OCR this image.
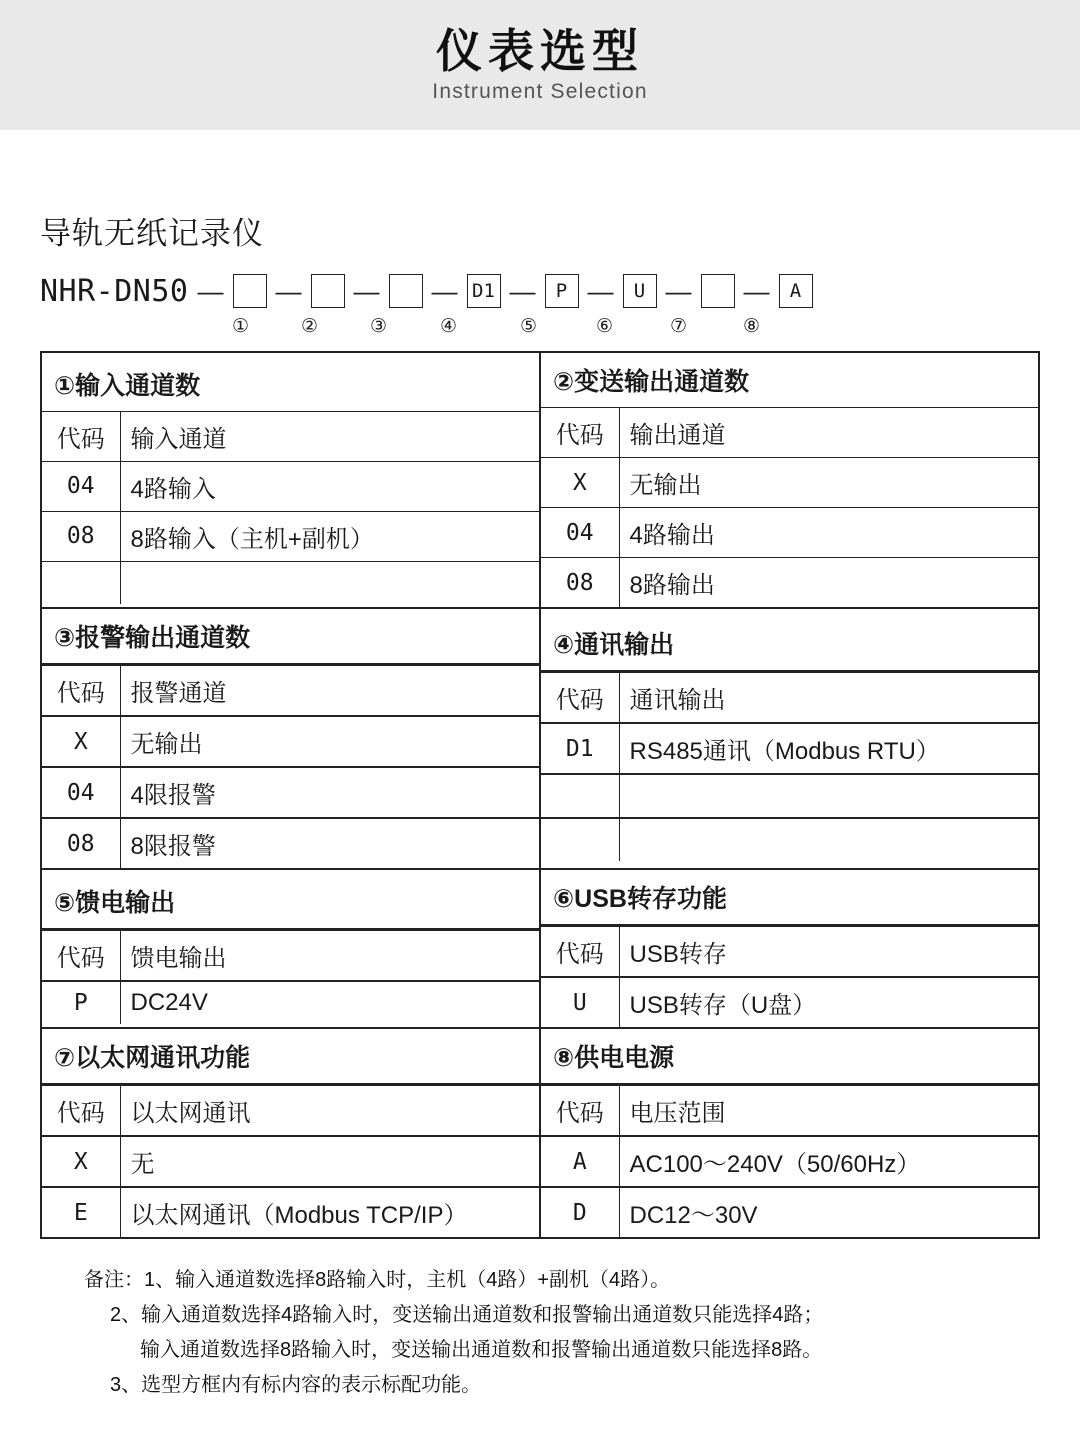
仪表选型
Instrument Selection
导轨无纸记录仪
NHR-DN50 —	—	—	— D1 —	P —	U —	—	A
①	②	③	④	⑤	⑥	⑦	⑧
①输入通道数
代码	输入通道
04	4路输入
08	8路输入（主机+副机）

②变送输出通道数
代码	输出通道
X	无输出
04	4路输出
08	8路输出

③报警输出通道数
代码	报警通道
X	无输出
04	4限报警
08	8限报警

④通讯输出
代码	通讯输出
D1	RS485通讯（Modbus RTU）

⑤馈电输出
代码	馈电输出
P	DC24V

⑥USB转存功能
代码	USB转存
U	USB转存（U盘）

⑦以太网通讯功能
代码	以太网通讯
X	无
E	以太网通讯（Modbus TCP/IP）

⑧供电电源
代码	电压范围
A	AC100～240V（50/60Hz）
D	DC12～30V
备注：1、输入通道数选择8路输入时，主机（4路）+副机（4路）。
2、输入通道数选择4路输入时，变送输出通道数和报警输出通道数只能选择4路；
输入通道数选择8路输入时，变送输出通道数和报警输出通道数只能选择8路。
3、选型方框内有标内容的表示标配功能。
